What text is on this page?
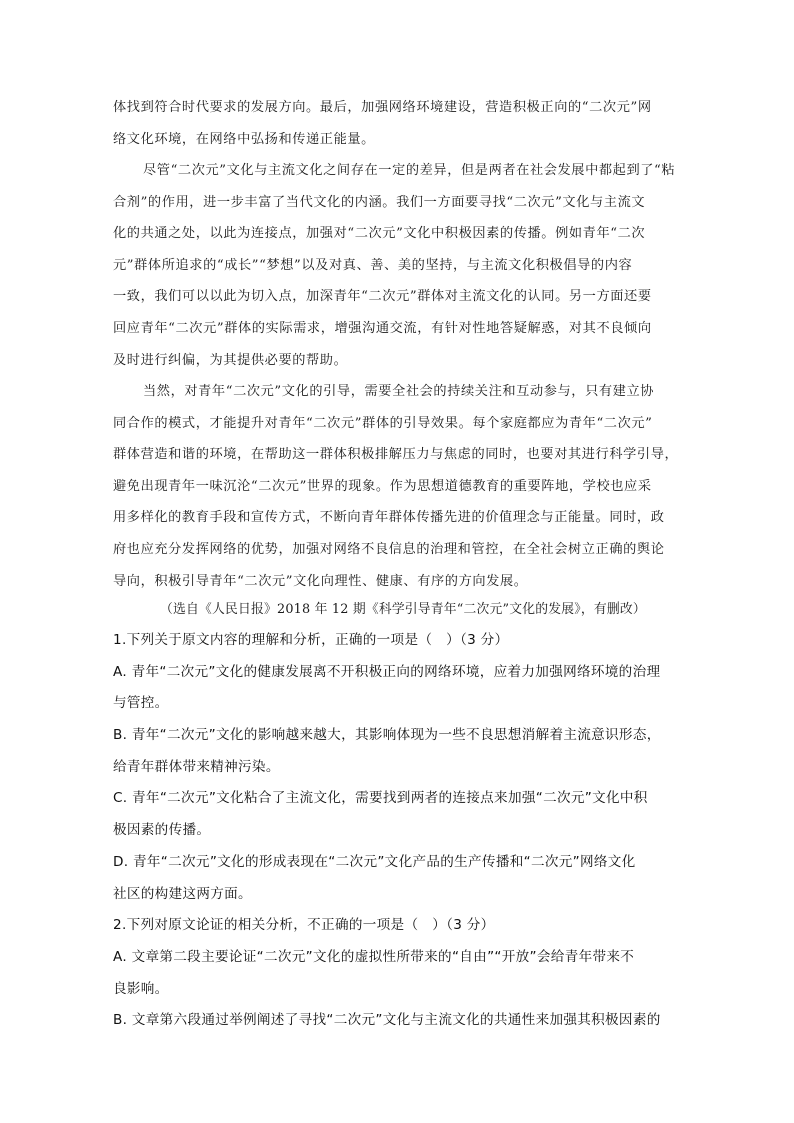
体找到符合时代要求的发展方向。最后，加强网络环境建设，营造积极正向的“二次元”网
络文化环境，在网络中弘扬和传递正能量。
尽管“二次元”文化与主流文化之间存在一定的差异，但是两者在社会发展中都起到了“粘
合剂”的作用，进一步丰富了当代文化的内涵。我们一方面要寻找“二次元”文化与主流文
化的共通之处，以此为连接点，加强对“二次元”文化中积极因素的传播。例如青年“二次
元”群体所追求的“成长”“梦想”以及对真、善、美的坚持，与主流文化积极倡导的内容
一致，我们可以以此为切入点，加深青年“二次元”群体对主流文化的认同。另一方面还要
回应青年“二次元”群体的实际需求，增强沟通交流，有针对性地答疑解惑，对其不良倾向
及时进行纠偏，为其提供必要的帮助。
当然，对青年“二次元”文化的引导，需要全社会的持续关注和互动参与，只有建立协
同合作的模式，才能提升对青年“二次元”群体的引导效果。每个家庭都应为青年“二次元”
群体营造和谐的环境，在帮助这一群体积极排解压力与焦虑的同时，也要对其进行科学引导，
避免出现青年一味沉沦“二次元”世界的现象。作为思想道德教育的重要阵地，学校也应采
用多样化的教育手段和宣传方式，不断向青年群体传播先进的价值理念与正能量。同时，政
府也应充分发挥网络的优势，加强对网络不良信息的治理和管控，在全社会树立正确的舆论
导向，积极引导青年“二次元”文化向理性、健康、有序的方向发展。
（选自《人民日报》2018 年 12 期《科学引导青年“二次元”文化的发展》，有删改）
1.下列关于原文内容的理解和分析，正确的一项是（　）（3 分）
A. 青年“二次元”文化的健康发展离不开积极正向的网络环境，应着力加强网络环境的治理
与管控。
B. 青年“二次元”文化的影响越来越大，其影响体现为一些不良思想消解着主流意识形态，
给青年群体带来精神污染。
C. 青年“二次元”文化粘合了主流文化，需要找到两者的连接点来加强“二次元”文化中积
极因素的传播。
D. 青年“二次元”文化的形成表现在“二次元”文化产品的生产传播和“二次元”网络文化
社区的构建这两方面。
2.下列对原文论证的相关分析，不正确的一项是（　）（3 分）
A. 文章第二段主要论证“二次元”文化的虚拟性所带来的“自由”“开放”会给青年带来不
良影响。
B. 文章第六段通过举例阐述了寻找“二次元”文化与主流文化的共通性来加强其积极因素的
